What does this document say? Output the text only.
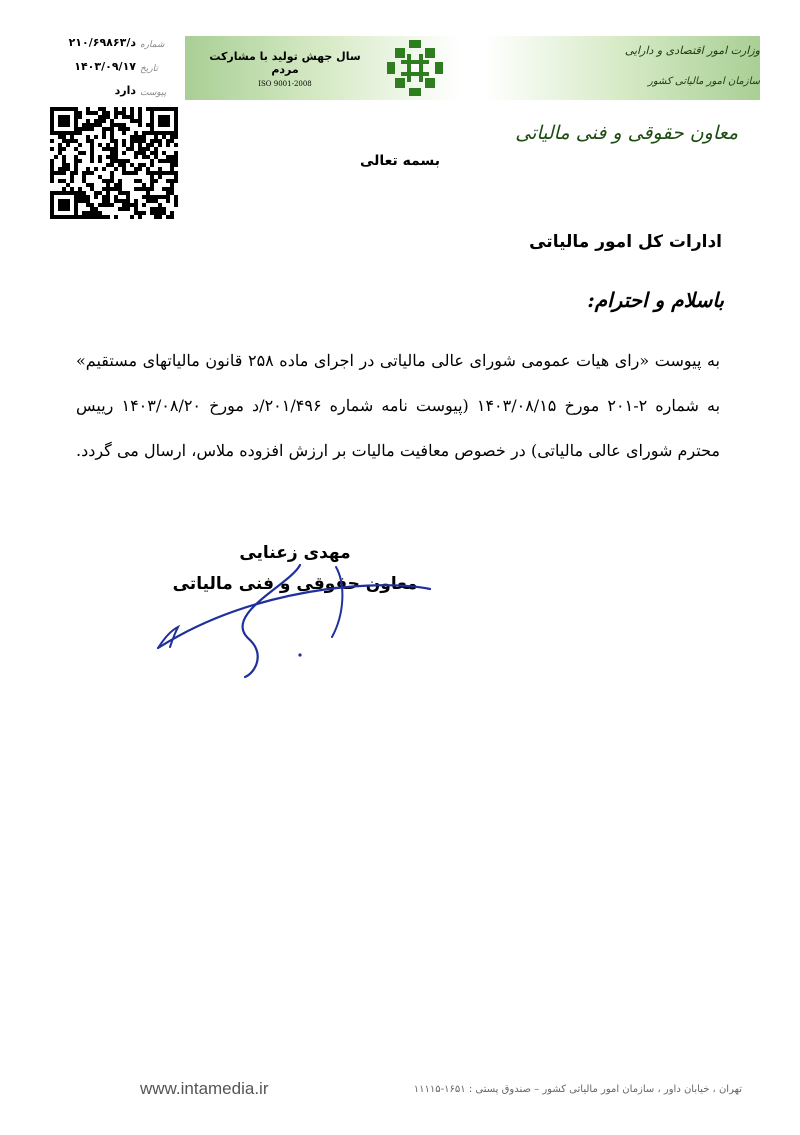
سال جهش تولید با مشارکت مردم
ISO 9001-2008
وزارت امور اقتصادی و دارایی
سازمان امور مالیاتی کشور
معاون حقوقی و فنی مالیاتی
شماره
د/۲۱۰/۶۹۸۶۳
تاریخ
۱۴۰۳/۰۹/۱۷
پیوست
دارد
بسمه تعالی
ادارات کل امور مالیاتی
باسلام و احترام:
به پیوست «رای هیات عمومی شورای عالی مالیاتی در اجرای ماده ۲۵۸ قانون مالیاتهای مستقیم» به شماره ۲-۲۰۱ مورخ ۱۴۰۳/۰۸/۱۵ (پیوست نامه شماره ۲۰۱/۴۹۶/د مورخ ۱۴۰۳/۰۸/۲۰ رییس محترم شورای عالی مالیاتی) در خصوص معافیت مالیات بر ارزش افزوده ملاس، ارسال می گردد.
مهدی زعنایی
معاون حقوقی و فنی مالیاتی
www.intamedia.ir	تهران ، خیابان داور ، سازمان امور مالیاتی کشور – صندوق پستی : ۱۶۵۱-۱۱۱۱۵
